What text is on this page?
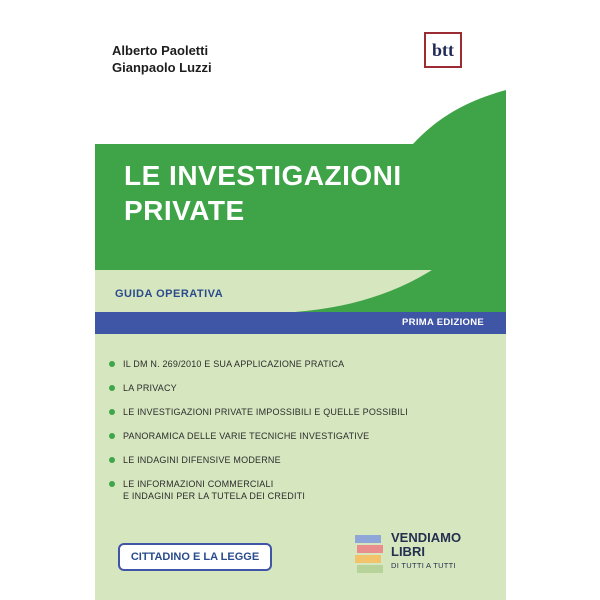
Alberto Paoletti
Gianpaolo Luzzi
btt
LE INVESTIGAZIONI
PRIVATE
GUIDA OPERATIVA
PRIMA EDIZIONE
IL DM N. 269/2010 E SUA APPLICAZIONE PRATICA
LA PRIVACY
LE INVESTIGAZIONI PRIVATE IMPOSSIBILI E QUELLE POSSIBILI
PANORAMICA DELLE VARIE TECNICHE INVESTIGATIVE
LE INDAGINI DIFENSIVE MODERNE
LE INFORMAZIONI COMMERCIALI
E INDAGINI PER LA TUTELA DEI CREDITI
CITTADINO E LA LEGGE
VENDIAMO
LIBRI
DI TUTTI A TUTTI
